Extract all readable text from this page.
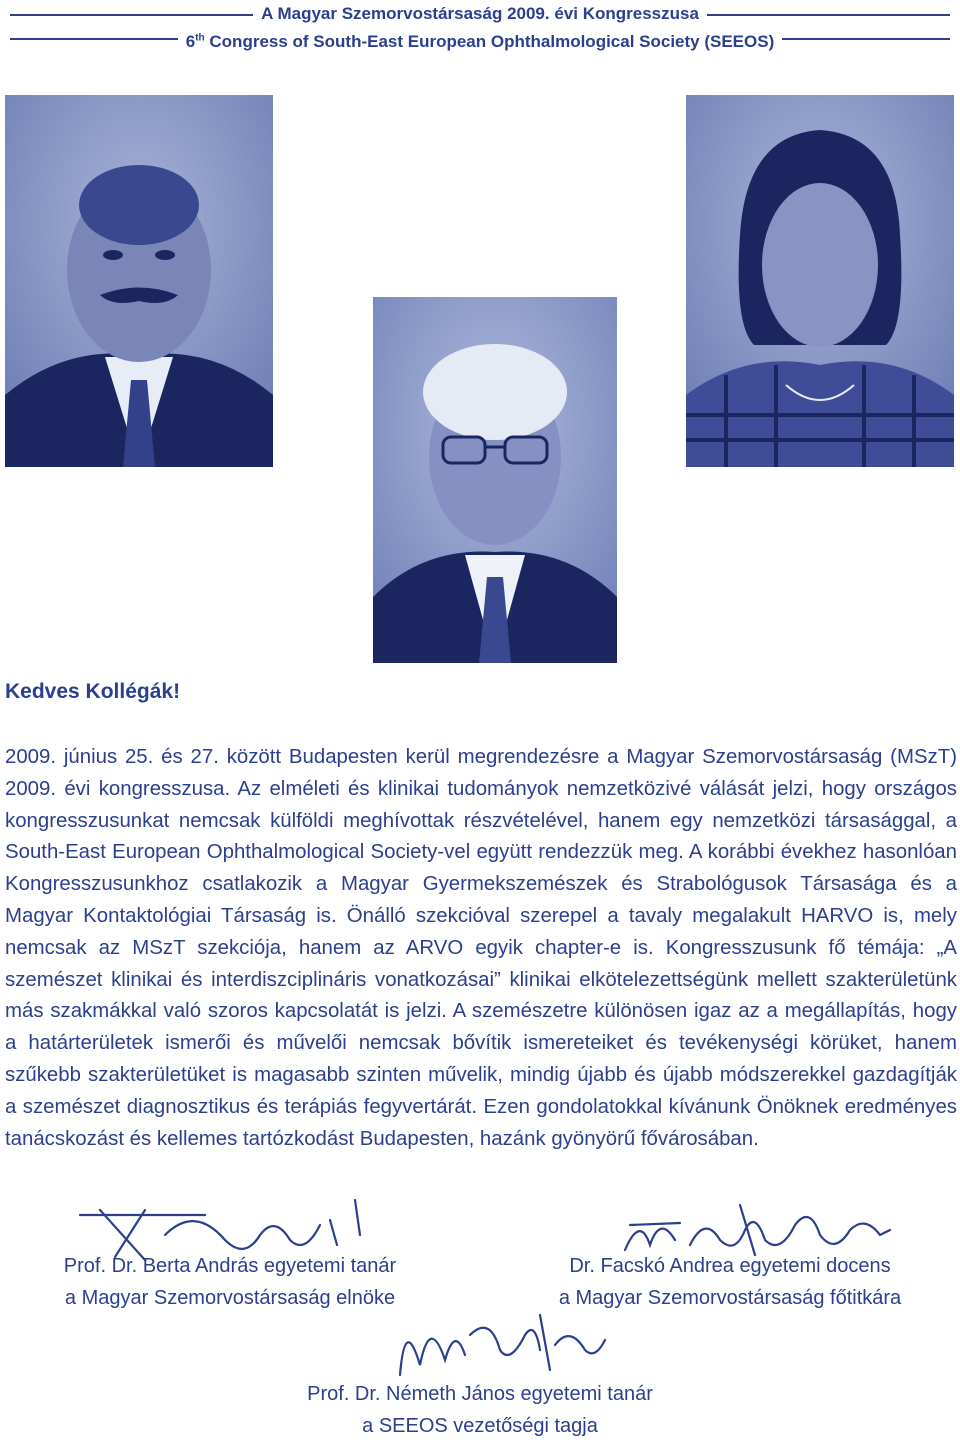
A Magyar Szemorvostársaság 2009. évi Kongresszusa
6th Congress of South-East European Ophthalmological Society (SEEOS)
Kedves Kollégák!

2009. június 25. és 27. között Budapesten kerül megrendezésre a Magyar Szemorvostársaság (MSzT) 2009. évi kongresszusa. Az elméleti és klinikai tudományok nemzetközivé válását jelzi, hogy országos kongresszusunkat nemcsak külföldi meghívottak részvételével, hanem egy nemzetközi társasággal, a South-East European Ophthalmological Society-vel együtt rendezzük meg. A korábbi évekhez hasonlóan Kongresszusunkhoz csatlakozik a Magyar Gyermekszemészek és Strabológusok Társasága és a Magyar Kontaktológiai Társaság is. Önálló szekcióval szerepel a tavaly megalakult HARVO is, mely nemcsak az MSzT szekciója, hanem az ARVO egyik chapter-e is. Kongresszusunk fő témája: „A szemészet klinikai és interdiszciplináris vonatkozásai” klinikai elkötelezettségünk mellett szakterületünk más szakmákkal való szoros kapcsolatát is jelzi. A szemészetre különösen igaz az a megállapítás, hogy a határterületek ismerői és művelői nemcsak bővítik ismereteiket és tevékenységi körüket, hanem szűkebb szakterületüket is magasabb szinten művelik, mindig újabb és újabb módszerekkel gazdagítják a szemészet diagnosztikus és terápiás fegyvertárát. Ezen gondolatokkal kívánunk Önöknek eredményes tanácskozást és kellemes tartózkodást Budapesten, hazánk gyönyörű fővárosában.

Prof. Dr. Berta András egyetemi tanár
a Magyar Szemorvostársaság elnöke
Dr. Facskó Andrea egyetemi docens
a Magyar Szemorvostársaság főtitkára
Prof. Dr. Németh János egyetemi tanár
a SEEOS vezetőségi tagja
